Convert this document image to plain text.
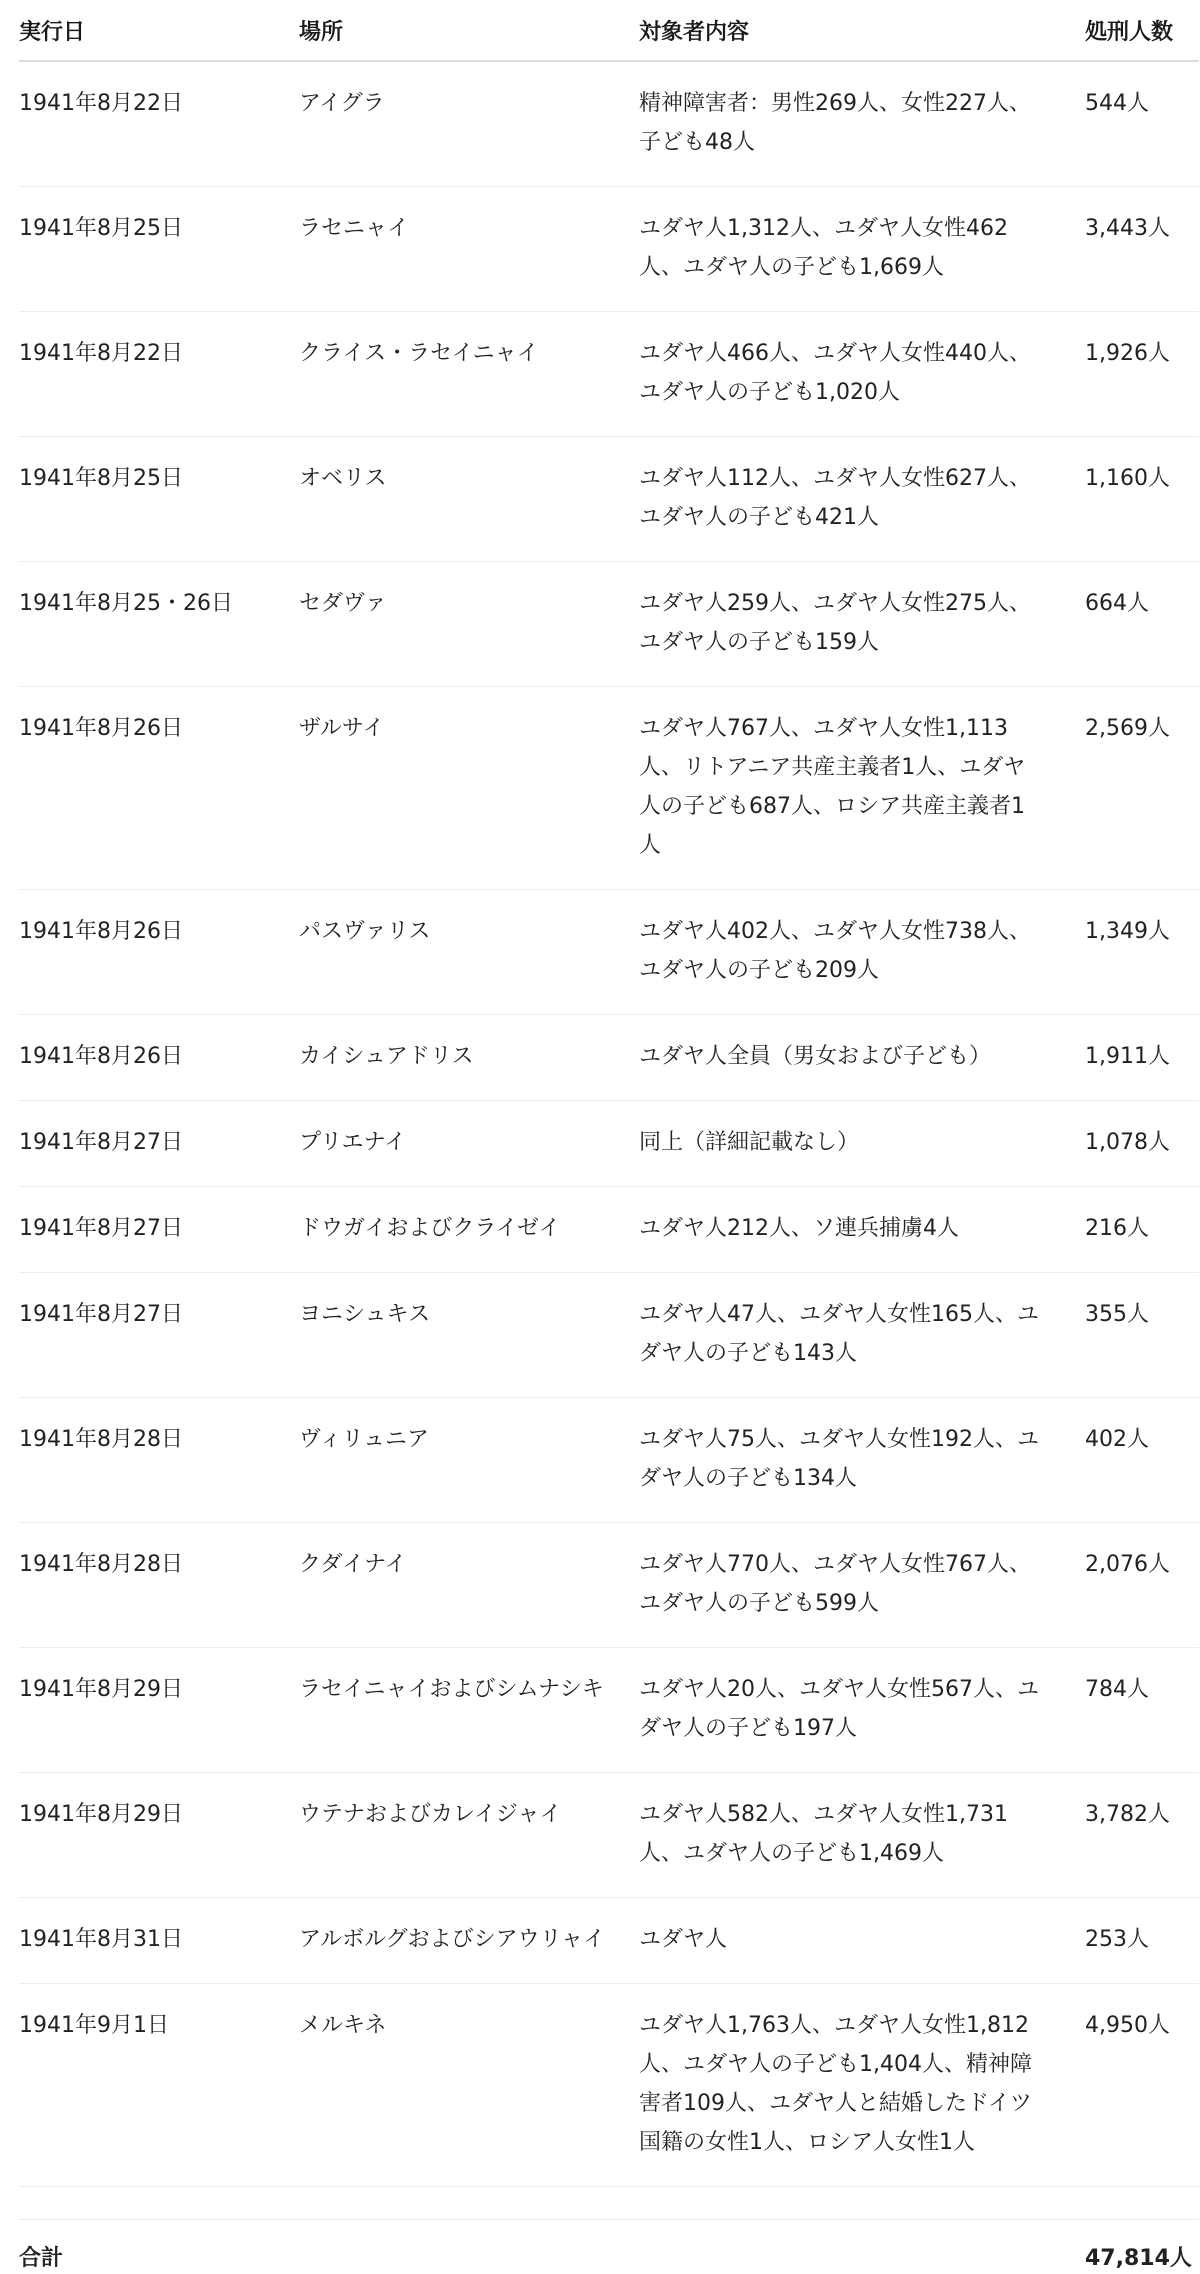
実行日	場所	対象者内容	処刑人数
1941年8月22日	アイグラ	精神障害者：男性269人、女性227人、子ども48人	544人
1941年8月25日	ラセニャイ	ユダヤ人1,312人、ユダヤ人女性462人、ユダヤ人の子ども1,669人	3,443人
1941年8月22日	クライス・ラセイニャイ	ユダヤ人466人、ユダヤ人女性440人、ユダヤ人の子ども1,020人	1,926人
1941年8月25日	オベリス	ユダヤ人112人、ユダヤ人女性627人、ユダヤ人の子ども421人	1,160人
1941年8月25・26日	セダヴァ	ユダヤ人259人、ユダヤ人女性275人、ユダヤ人の子ども159人	664人
1941年8月26日	ザルサイ	ユダヤ人767人、ユダヤ人女性1,113人、リトアニア共産主義者1人、ユダヤ人の子ども687人、ロシア共産主義者1人	2,569人
1941年8月26日	パスヴァリス	ユダヤ人402人、ユダヤ人女性738人、ユダヤ人の子ども209人	1,349人
1941年8月26日	カイシュアドリス	ユダヤ人全員（男女および子ども）	1,911人
1941年8月27日	プリエナイ	同上（詳細記載なし）	1,078人
1941年8月27日	ドウガイおよびクライゼイ	ユダヤ人212人、ソ連兵捕虜4人	216人
1941年8月27日	ヨニシュキス	ユダヤ人47人、ユダヤ人女性165人、ユダヤ人の子ども143人	355人
1941年8月28日	ヴィリュニア	ユダヤ人75人、ユダヤ人女性192人、ユダヤ人の子ども134人	402人
1941年8月28日	クダイナイ	ユダヤ人770人、ユダヤ人女性767人、ユダヤ人の子ども599人	2,076人
1941年8月29日	ラセイニャイおよびシムナシキ	ユダヤ人20人、ユダヤ人女性567人、ユダヤ人の子ども197人	784人
1941年8月29日	ウテナおよびカレイジャイ	ユダヤ人582人、ユダヤ人女性1,731人、ユダヤ人の子ども1,469人	3,782人
1941年8月31日	アルボルグおよびシアウリャイ	ユダヤ人	253人
1941年9月1日	メルキネ	ユダヤ人1,763人、ユダヤ人女性1,812人、ユダヤ人の子ども1,404人、精神障害者109人、ユダヤ人と結婚したドイツ国籍の女性1人、ロシア人女性1人	4,950人

合計			47,814人
